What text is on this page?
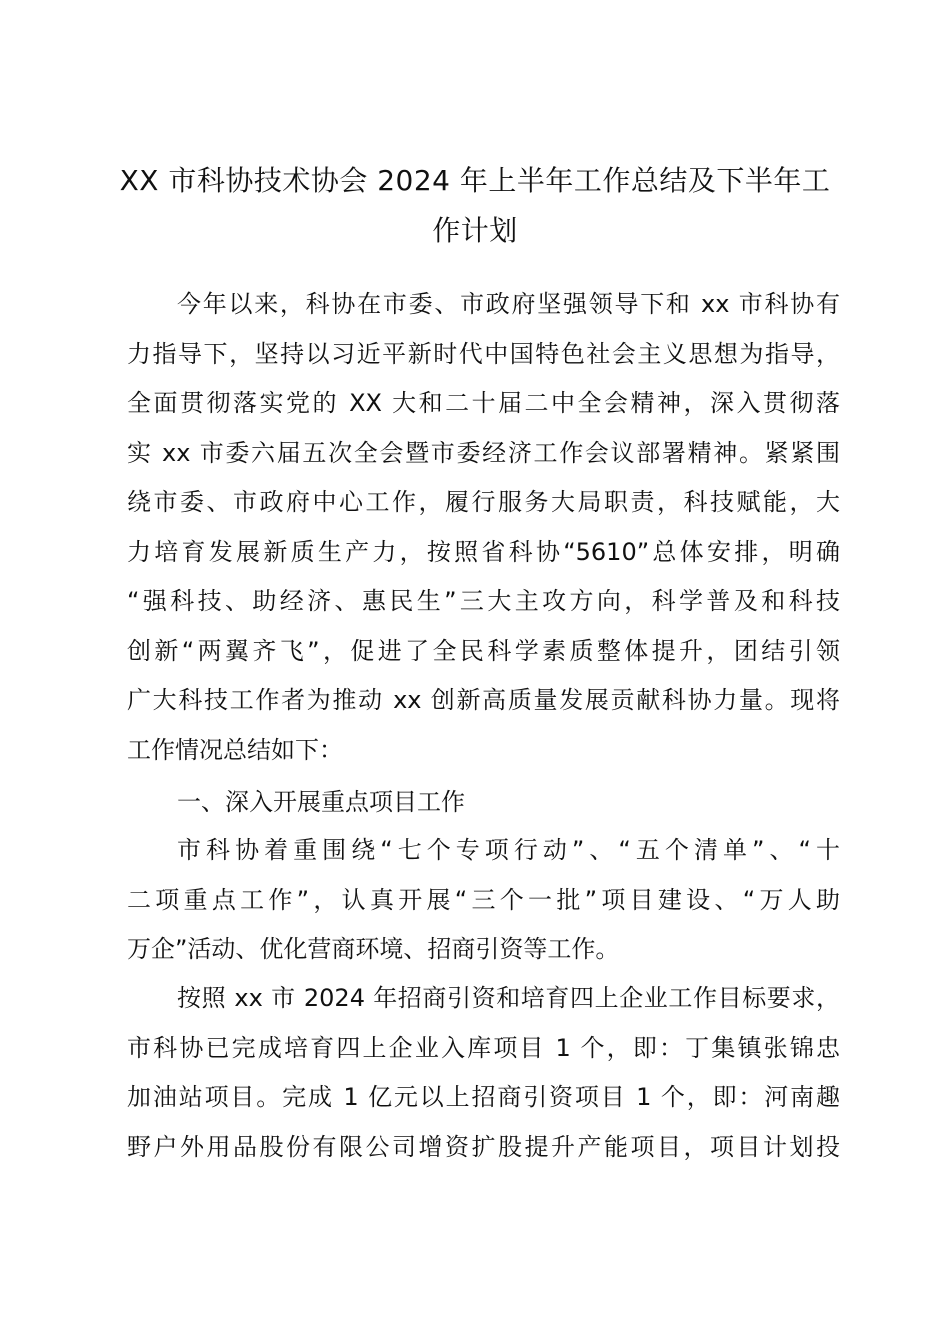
XX 市科协技术协会 2024 年上半年工作总结及下半年工
作计划
今年以来，科协在市委、市政府坚强领导下和 xx 市科协有
力指导下，坚持以习近平新时代中国特色社会主义思想为指导，
全面贯彻落实党的 XX 大和二十届二中全会精神，深入贯彻落
实 xx 市委六届五次全会暨市委经济工作会议部署精神。紧紧围
绕市委、市政府中心工作，履行服务大局职责，科技赋能，大
力培育发展新质生产力，按照省科协“5610”总体安排，明确
“强科技、助经济、惠民生”三大主攻方向，科学普及和科技
创新“两翼齐飞”，促进了全民科学素质整体提升，团结引领
广大科技工作者为推动 xx 创新高质量发展贡献科协力量。现将
工作情况总结如下：
一、深入开展重点项目工作
市科协着重围绕“七个专项行动”、“五个清单”、“十
二项重点工作”，认真开展“三个一批”项目建设、“万人助
万企”活动、优化营商环境、招商引资等工作。
按照 xx 市 2024 年招商引资和培育四上企业工作目标要求，
市科协已完成培育四上企业入库项目 1 个，即：丁集镇张锦忠
加油站项目。完成 1 亿元以上招商引资项目 1 个，即：河南趣
野户外用品股份有限公司增资扩股提升产能项目，项目计划投
